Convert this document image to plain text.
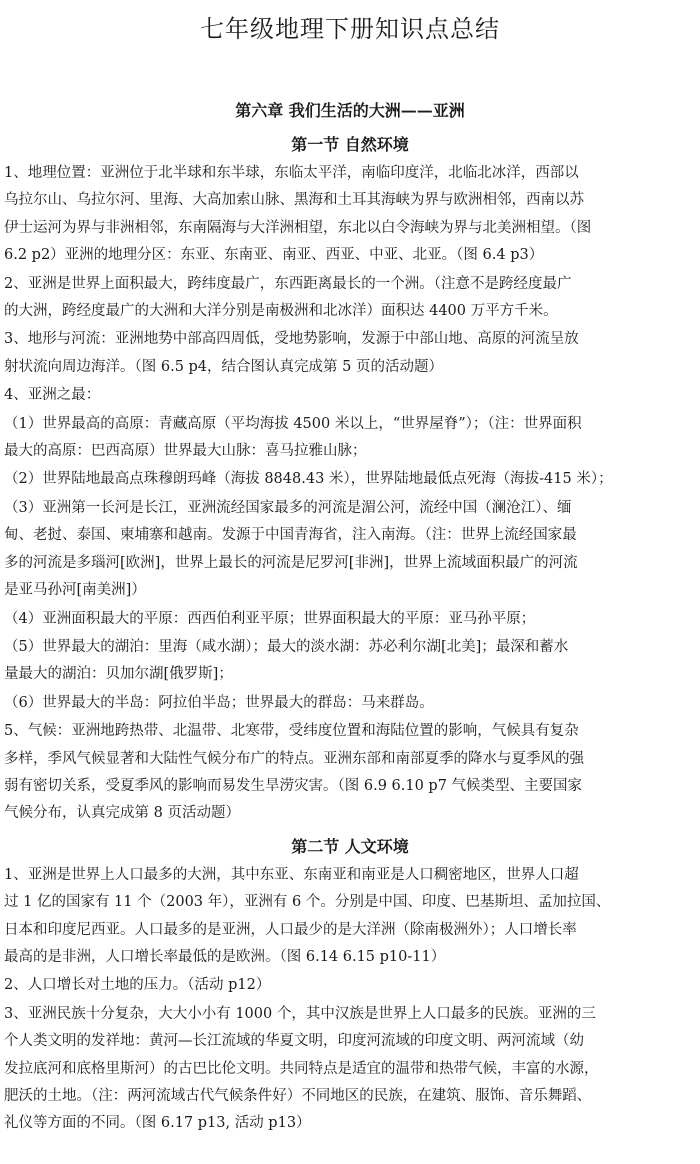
七年级地理下册知识点总结
第六章 我们生活的大洲——亚洲
第一节 自然环境
1、地理位置：亚洲位于北半球和东半球，东临太平洋，南临印度洋，北临北冰洋，西部以
乌拉尔山、乌拉尔河、里海、大高加索山脉、黑海和土耳其海峡为界与欧洲相邻，西南以苏
伊士运河为界与非洲相邻，东南隔海与大洋洲相望，东北以白令海峡为界与北美洲相望。（图
6.2 p2）亚洲的地理分区：东亚、东南亚、南亚、西亚、中亚、北亚。（图 6.4 p3）
2、亚洲是世界上面积最大，跨纬度最广，东西距离最长的一个洲。（注意不是跨经度最广
的大洲，跨经度最广的大洲和大洋分别是南极洲和北冰洋）面积达 4400 万平方千米。
3、地形与河流：亚洲地势中部高四周低，受地势影响，发源于中部山地、高原的河流呈放
射状流向周边海洋。（图 6.5 p4，结合图认真完成第 5 页的活动题）
4、亚洲之最：
（1）世界最高的高原：青藏高原（平均海拔 4500 米以上，“世界屋脊”）；（注：世界面积
最大的高原：巴西高原）世界最大山脉：喜马拉雅山脉；
（2）世界陆地最高点珠穆朗玛峰（海拔 8848.43 米），世界陆地最低点死海（海拔-415 米）；
（3）亚洲第一长河是长江，亚洲流经国家最多的河流是湄公河，流经中国（澜沧江）、缅
甸、老挝、泰国、柬埔寨和越南。发源于中国青海省，注入南海。（注：世界上流经国家最
多的河流是多瑙河[欧洲]，世界上最长的河流是尼罗河[非洲]，世界上流域面积最广的河流
是亚马孙河[南美洲]）
（4）亚洲面积最大的平原：西西伯利亚平原；世界面积最大的平原：亚马孙平原；
（5）世界最大的湖泊：里海（咸水湖）；最大的淡水湖：苏必利尔湖[北美]；最深和蓄水
量最大的湖泊：贝加尔湖[俄罗斯]；
（6）世界最大的半岛：阿拉伯半岛；世界最大的群岛：马来群岛。
5、气候：亚洲地跨热带、北温带、北寒带，受纬度位置和海陆位置的影响，气候具有复杂
多样，季风气候显著和大陆性气候分布广的特点。亚洲东部和南部夏季的降水与夏季风的强
弱有密切关系，受夏季风的影响而易发生旱涝灾害。（图 6.9 6.10 p7 气候类型、主要国家
气候分布，认真完成第 8 页活动题）
第二节 人文环境
1、亚洲是世界上人口最多的大洲，其中东亚、东南亚和南亚是人口稠密地区，世界人口超
过 1 亿的国家有 11 个（2003 年），亚洲有 6 个。分别是中国、印度、巴基斯坦、孟加拉国、
日本和印度尼西亚。人口最多的是亚洲，人口最少的是大洋洲（除南极洲外）；人口增长率
最高的是非洲，人口增长率最低的是欧洲。（图 6.14 6.15 p10-11）
2、人口增长对土地的压力。（活动 p12）
3、亚洲民族十分复杂，大大小小有 1000 个，其中汉族是世界上人口最多的民族。亚洲的三
个人类文明的发祥地：黄河—长江流域的华夏文明，印度河流域的印度文明、两河流域（幼
发拉底河和底格里斯河）的古巴比伦文明。共同特点是适宜的温带和热带气候，丰富的水源，
肥沃的土地。（注：两河流域古代气候条件好）不同地区的民族，在建筑、服饰、音乐舞蹈、
礼仪等方面的不同。（图 6.17 p13, 活动 p13）
